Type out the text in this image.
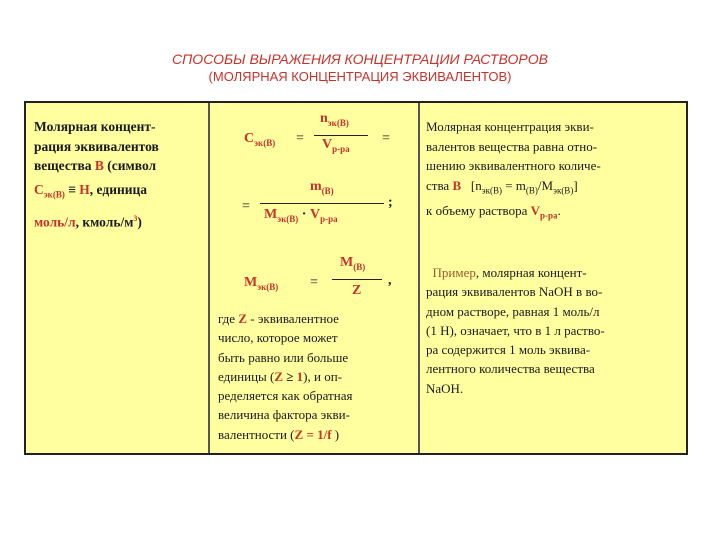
СПОСОБЫ ВЫРАЖЕНИЯ КОНЦЕНТРАЦИИ РАСТВОРОВ
(МОЛЯРНАЯ КОНЦЕНТРАЦИЯ ЭКВИВАЛЕНТОВ)
Молярная концент-
рация эквивалентов
вещества В (символ
$С_{эк(В)} \equiv Н$, единица
моль/л, кмоль/$м^3$)
$С_{эк(В)}$ =
$n_{эк(В)}$
$V_{р-ра}$
=
=
$m_{(В)}$
$M_{эк(В)} \cdot V_{р-ра}$
;
$M_{эк(В)}$ =
$M_{(В)}$
Z
,
где Z - эквивалентное
число, которое может
быть равно или больше
единицы (Z ≥ 1), и оп-
ределяется как обратная
величина фактора экви-
валентности (Z = 1/f )
Молярная концентрация экви-
валентов вещества равна отно-
шению эквивалентного количе-
ства В $[n_{эк(В)} = m_{(В)}/M_{эк(В)}]$
к объему раствора $V_{р-ра}$.
Пример, молярная концент-
рация эквивалентов NaOH в во-
дном растворе, равная 1 моль/л
(1 Н), означает, что в 1 л раство-
ра содержится 1 моль эквива-
лентного количества вещества
NaOH.
